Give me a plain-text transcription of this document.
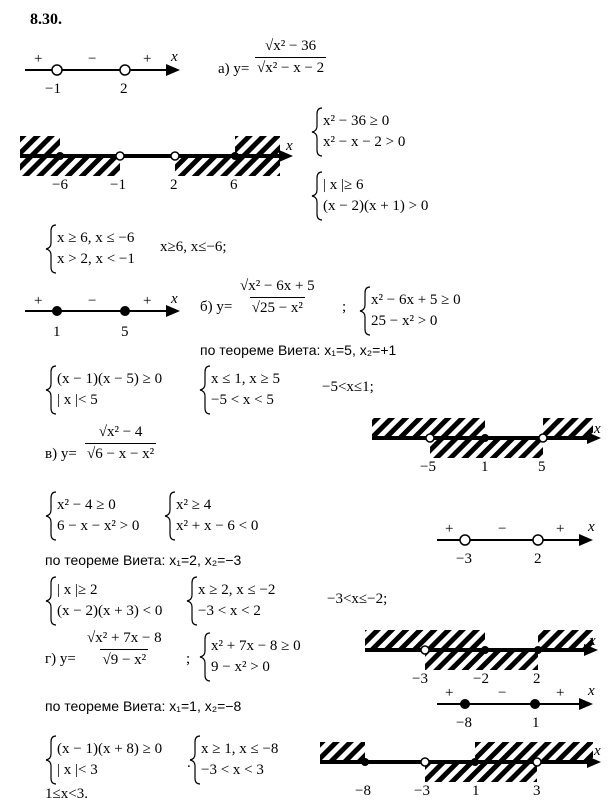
8.30.
+	−	+ x
−1	2
а) $y= \frac{\text{√x² − 36}}{\text{√x² − x − 2}}$
x² − 36 ≥ 0
x² − x − 2 > 0
| x |≥ 6
(x − 2)(x + 1) > 0
x
−6	−1	2	6
x ≥ 6, x ≤ −6
x > 2, x < −1
x≥6, x≤−6;
+	−	+ x
1	5
б) $y= \frac{\text{√x² − 6x + 5}}{\text{√25 − x²}}$ ; x² − 6x + 5 ≥ 0
25 − x² > 0
по теореме Виета: x₁=5, x₂=+1
(x − 1)(x − 5) ≥ 0
| x |< 5
x ≤ 1, x ≥ 5
−5 < x < 5
−5<x≤1;
x
−5	1	5
в) $y= \frac{\text{√x² − 4}}{\text{√6 − x − x²}}$
x² − 4 ≥ 0
6 − x − x² > 0
x² ≥ 4
x² + x − 6 < 0	+	−	+ x
−3	2
по теореме Виета: x₁=2, x₂=−3
| x |≥ 2
(x − 2)(x + 3) < 0
x ≥ 2, x ≤ −2
−3 < x < 2
−3<x≤−2;
x
−3	−2	2
г) $y= \frac{\text{√x² + 7x − 8}}{\text{√9 − x²}}$ ;
x² + 7x − 8 ≥ 0
9 − x² > 0
+	−	+ x
−8	1
по теореме Виета: x₁=1, x₂=−8
(x − 1)(x + 8) ≥ 0
| x |< 3	.
x ≥ 1, x ≤ −8
−3 < x < 3
1≤x<3.
x
−8	−3	1	3
